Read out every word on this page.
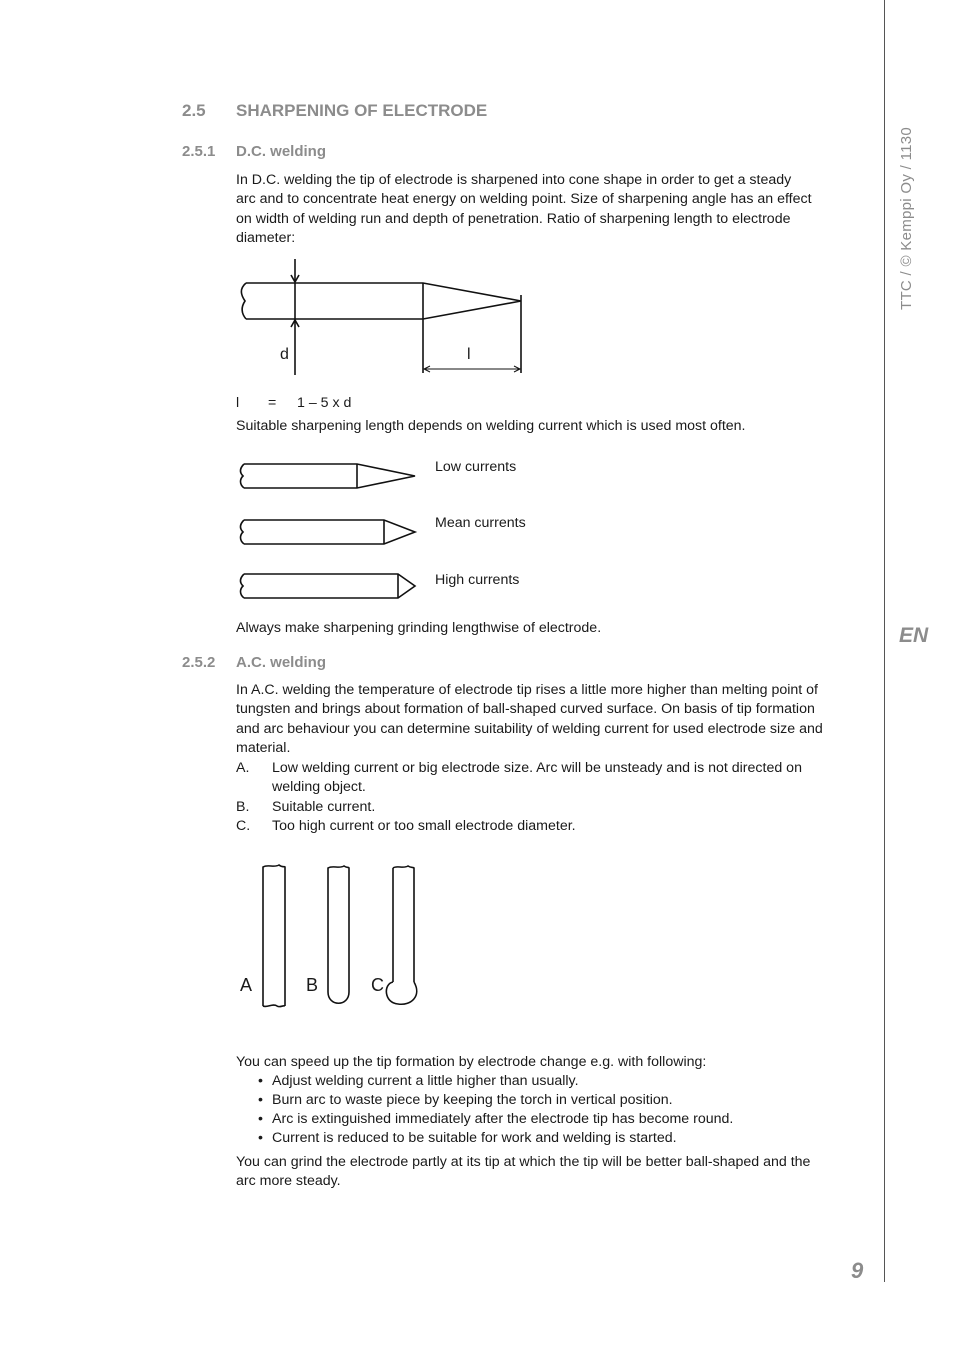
TTC / © Kemppi Oy / 1130
EN
9
2.5 SHARPENING OF ELECTRODE
2.5.1 D.C. welding
In D.C. welding the tip of electrode is sharpened into cone shape in order to get a steady
arc and to concentrate heat energy on welding point. Size of sharpening angle has an effect
on width of welding run and depth of penetration. Ratio of sharpening length to electrode
diameter:
d	l
l = 1 – 5 x d
Suitable sharpening length depends on welding current which is used most often.
Low currents
Mean currents
High currents
Always make sharpening grinding lengthwise of electrode.
2.5.2 A.C. welding
In A.C. welding the temperature of electrode tip rises a little more higher than melting point of
tungsten and brings about formation of ball-shaped curved surface. On basis of tip formation
and arc behaviour you can determine suitability of welding current for used electrode size and
material.
A. Low welding current or big electrode size. Arc will be unsteady and is not directed on
welding object.
B. Suitable current.
C. Too high current or too small electrode diameter.
A	B	C
You can speed up the tip formation by electrode change e.g. with following:
• Adjust welding current a little higher than usually.
• Burn arc to waste piece by keeping the torch in vertical position.
• Arc is extinguished immediately after the electrode tip has become round.
• Current is reduced to be suitable for work and welding is started.
You can grind the electrode partly at its tip at which the tip will be better ball-shaped and the
arc more steady.
